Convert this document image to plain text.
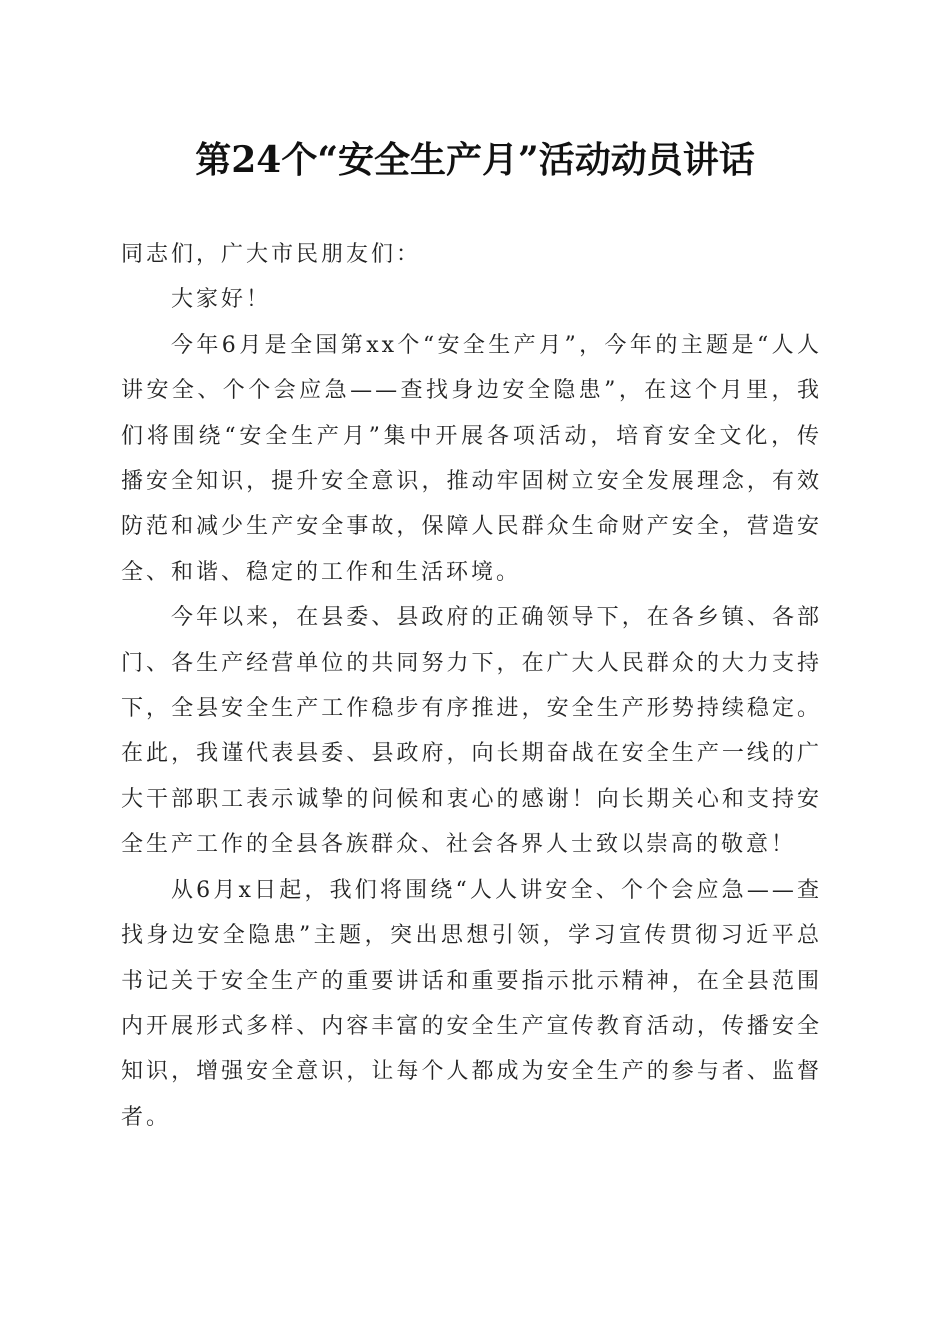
第24个“安全生产月”活动动员讲话

同志们，广大市民朋友们：

大家好！

今年6月是全国第xx个“安全生产月”，今年的主题是“人人讲安全、个个会应急——查找身边安全隐患”，在这个月里，我们将围绕“安全生产月”集中开展各项活动，培育安全文化，传播安全知识，提升安全意识，推动牢固树立安全发展理念，有效防范和减少生产安全事故，保障人民群众生命财产安全，营造安全、和谐、稳定的工作和生活环境。

今年以来，在县委、县政府的正确领导下，在各乡镇、各部门、各生产经营单位的共同努力下，在广大人民群众的大力支持下，全县安全生产工作稳步有序推进，安全生产形势持续稳定。在此，我谨代表县委、县政府，向长期奋战在安全生产一线的广大干部职工表示诚挚的问候和衷心的感谢！向长期关心和支持安全生产工作的全县各族群众、社会各界人士致以崇高的敬意！

从6月x日起，我们将围绕“人人讲安全、个个会应急——查找身边安全隐患”主题，突出思想引领，学习宣传贯彻习近平总书记关于安全生产的重要讲话和重要指示批示精神，在全县范围内开展形式多样、内容丰富的安全生产宣传教育活动，传播安全知识，增强安全意识，让每个人都成为安全生产的参与者、监督者。
